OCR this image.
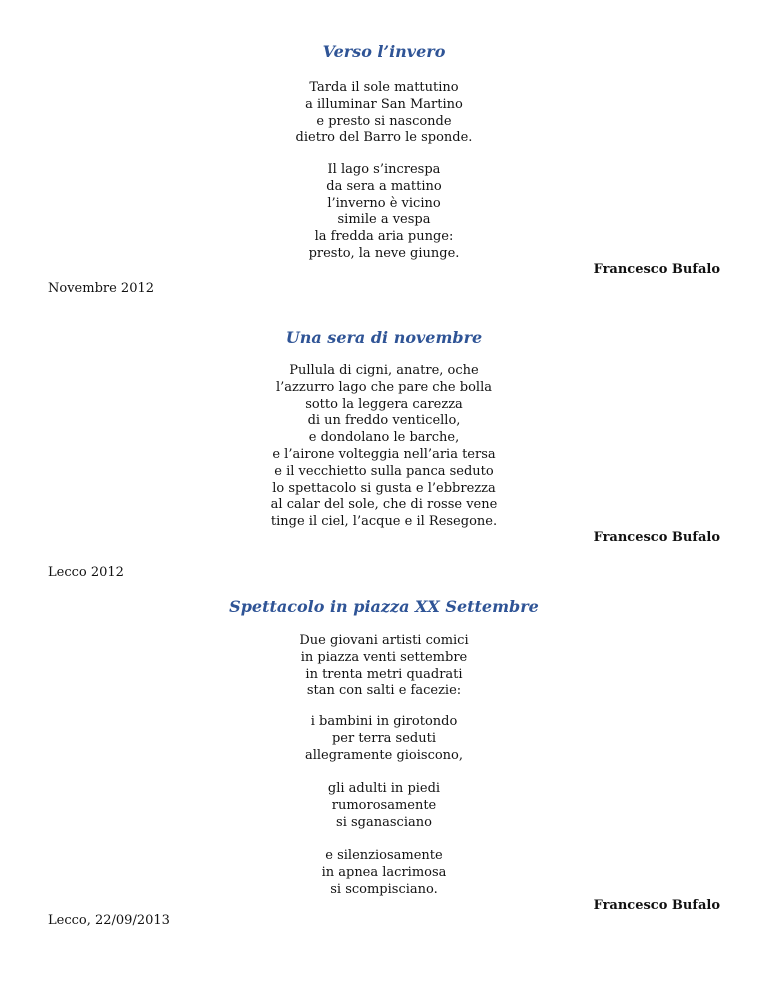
Verso l’invero
Tarda il sole mattutino
a illuminar San Martino
e presto si nasconde
dietro del Barro le sponde.
Il lago s’increspa
da sera a mattino
l’inverno è vicino
simile a vespa
la fredda aria punge:
presto, la neve giunge.
Francesco Bufalo
Novembre 2012
Una sera di novembre
Pullula di cigni, anatre, oche
l’azzurro lago che pare che bolla
sotto la leggera carezza
di un freddo venticello,
e dondolano le barche,
e l’airone volteggia nell’aria tersa
e il vecchietto sulla panca seduto
lo spettacolo si gusta e l’ebbrezza
al calar del sole, che di rosse vene
tinge il ciel, l’acque e il Resegone.
Francesco Bufalo
Lecco 2012
Spettacolo in piazza XX Settembre
Due giovani artisti comici
in piazza venti settembre
in trenta metri quadrati
stan con salti e facezie:
i bambini in girotondo
per terra seduti
allegramente gioiscono,
gli adulti in piedi
rumorosamente
si sganasciano
e silenziosamente
in apnea lacrimosa
si scompisciano.
Francesco Bufalo
Lecco, 22/09/2013
